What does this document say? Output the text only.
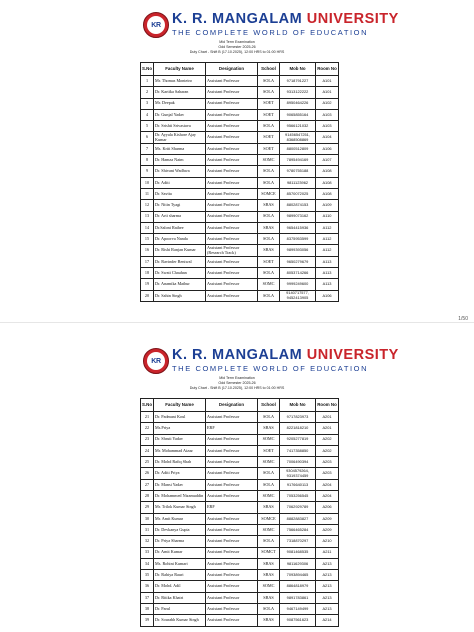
KR K. R. MANGALAM UNIVERSITY
THE COMPLETE WORLD OF EDUCATION
Mid Term Examination
Odd Semester 2025-26
Duty Chart - Shift B (17.10.2025), 12:00 HRS to 01:00 HRS
S.No	Faculty Name	Designation	School	Mob No	Room No
1	Mr. Thomas Monteiro	Assistant Professor	SOLA	9718791227	A101
2	Dr. Kartika Saharan	Assistant Professor	SOLA	9313122222	A101
3	Mr. Deepak	Assistant Professor	SOET	8950464226	A102
4	Dr. Gunjal Yadav	Assistant Professor	SOET	9065855164	A103
5	Dr. Srishti Srivastava	Assistant Professor	SOLA	9566121032	A103
6	Dr. Ayyala Kishore Ajay Kumar	Assistant Professor	SOET	91456547251, 8368508869	A104
7	Ms. Kriti Sharma	Assistant Professor	SOET	8800512809	A106
8	Dr. Hamza Naim	Assistant Professor	SOMC	7895494169	A107
9	Dr. Shivani Wadhwa	Assistant Professor	SOLA	9780755188	A108
10	Dr. Aditi	Assistant Professor	SOLA	9811123962	A108
11	Dr. Savita	Assistant Professor	SOMCE	8570072025	A108
12	Dr. Nitin Tyagi	Assistant Professor	SBAS	8802874153	A109
13	Dr. Arti sharma	Assistant Professor	SOLA	9899073162	A110
14	Dr.Saloni Rathee	Assistant Professor	SBAS	9654415936	A112
15	Dr. Apoorva Nanda	Assistant Professor	SOLA	8375953599	A112
16	Dr. Rishi Ranjan Kumar	Assistant Professor (Research Track)	SBAS	9899393056	A112
17	Dr. Ravinder Beniwal	Assistant Professor	SOET	9650279679	A113
18	Dr. Swati Chauhan	Assistant Professor	SOLA	8053714266	A113
19	Dr. Anamika Mathur	Assistant Professor	SOMC	9999249600	A113
20	Dr. Sahin Singh	Assistant Professor	SOLA	9140717577, 9452413905	A106
1/50
KR K. R. MANGALAM UNIVERSITY
THE COMPLETE WORLD OF EDUCATION
Mid Term Examination
Odd Semester 2025-26
Duty Chart - Shift B (17.10.2025), 12:00 HRS to 01:00 HRS
S.No	Faculty Name	Designation	School	Mob No	Room No
21	Dr. Padmani Koul	Assistant Professor	SOLA	9717823973	A201
22	Ms.Priya	ERF	SBAS	8221818210	A201
23	Dr. Shruti Yadav	Assistant Professor	SOMC	9205277819	A202
24	Mr. Mohammad Aizaz	Assistant Professor	SOET	7417358850	A202
25	Dr. Mohd Rafiq Shah	Assistant Professor	SOMC	7006490394	A203
26	Dr. Aditi Priya	Assistant Professor	SOLA	9304579264, 9319374459	A203
27	Dr. Mansi Yadav	Assistant Professor	SOLA	9176640113	A204
28	Dr. Mohammed Nizamuddin	Assistant Professor	SOMC	7053256545	A204
29	Mr. Trilok Kumar Singh	ERF	SBAS	7062929789	A206
30	Mr. Amit Kumar	Assistant Professor	SOMCE	8882883827	A209
31	Dr. Devkanya Gupta	Assistant Professor	SOMC	7566465284	A209
32	Dr. Priya Sharma	Assistant Professor	SOLA	7318870297	A210
33	Dr. Amit Kumar	Assistant Professor	SOMCT	9081468535	A211
34	Ms. Rohini Kumari	Assistant Professor	SBAS	9811629306	A213
35	Dr. Rahiya Rauri	Assistant Professor	SBAS	7093894465	A213
36	Dr. Mohd. Adil	Assistant Professor	SOMC	8864818979	A213
37	Dr. Ritika Khatri	Assistant Professor	SBAS	9891783861	A213
38	Dr. Parul	Assistant Professor	SOLA	9467149499	A213
39	Dr. Sourabh Kumar Singh	Assistant Professor	SBAS	9087561623	A214
